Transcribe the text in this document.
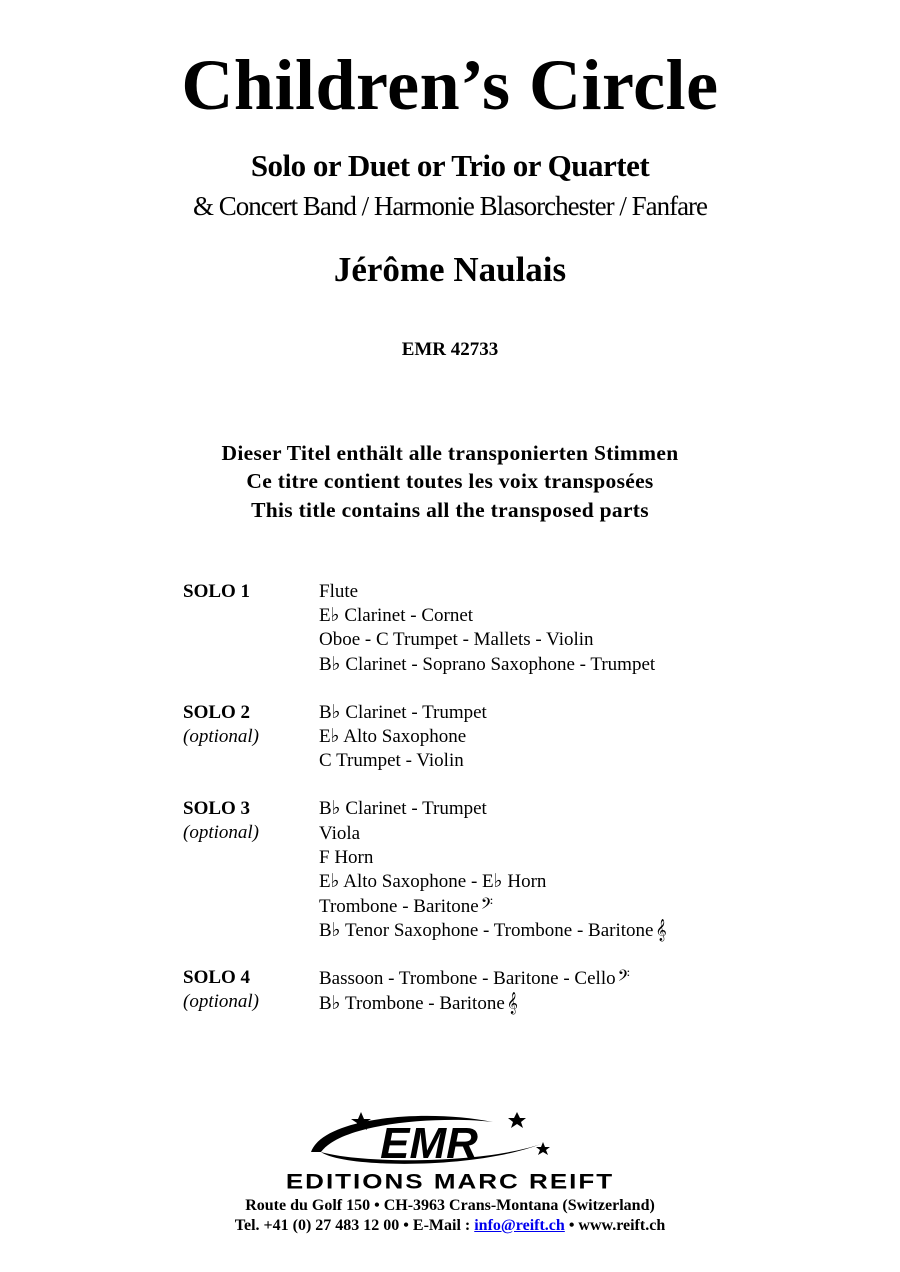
Children’s Circle
Solo or Duet or Trio or Quartet
& Concert Band / Harmonie Blasorchester / Fanfare
Jérôme Naulais
EMR 42733
Dieser Titel enthält alle transponierten Stimmen
Ce titre contient toutes les voix transposées
This title contains all the transposed parts
SOLO 1	Flute
E♭ Clarinet - Cornet
Oboe - C Trumpet - Mallets - Violin
B♭ Clarinet - Soprano Saxophone - Trumpet
SOLO 2
(optional)
B♭ Clarinet - Trumpet
E♭ Alto Saxophone
C Trumpet - Violin
SOLO 3
(optional)
B♭ Clarinet - Trumpet
Viola
F Horn
E♭ Alto Saxophone - E♭ Horn
Trombone - Baritone 𝄢
B♭ Tenor Saxophone - Trombone - Baritone 𝄞
SOLO 4
(optional)
Bassoon - Trombone - Baritone - Cello 𝄢
B♭ Trombone - Baritone 𝄞
EMR
EDITIONS MARC REIFT
Route du Golf 150 • CH-3963 Crans-Montana (Switzerland)
Tel. +41 (0) 27 483 12 00 • E-Mail : info@reift.ch • www.reift.ch
